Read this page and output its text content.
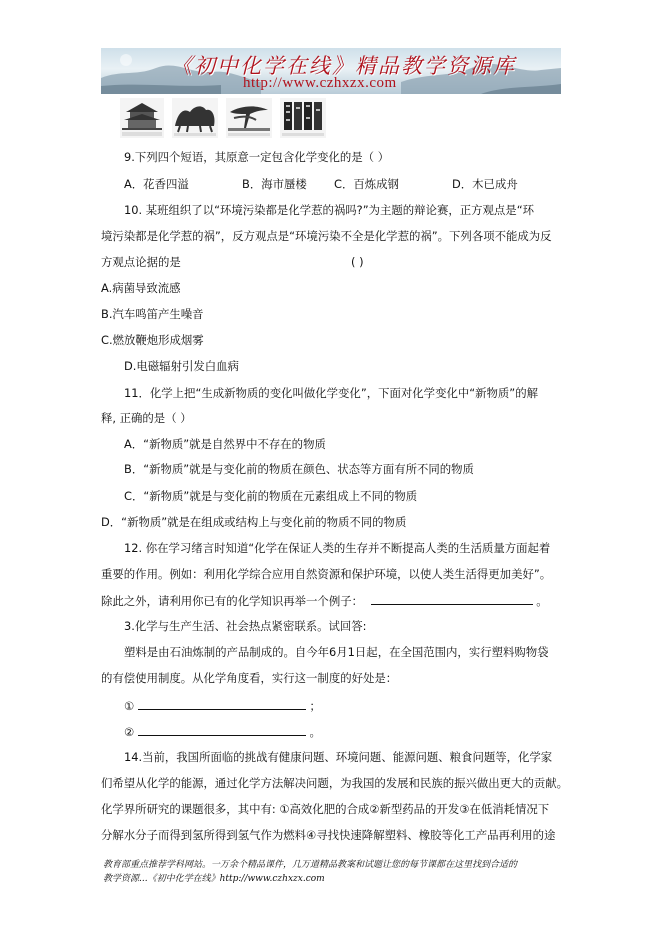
《初中化学在线》精品教学资源库
http://www.czhxzx.com
9.下列四个短语，其原意一定包含化学变化的是（ ）
A．花香四溢	B．海市蜃楼 C．百炼成钢	D．木已成舟
10. 某班组织了以“环境污染都是化学惹的祸吗?”为主题的辩论赛，正方观点是“环
境污染都是化学惹的祸”，反方观点是“环境污染不全是化学惹的祸”。下列各项不能成为反
方观点论据的是	( )
A.病菌导致流感
B.汽车鸣笛产生噪音
C.燃放鞭炮形成烟雾
D.电磁辐射引发白血病
11．化学上把“生成新物质的变化叫做化学变化”，下面对化学变化中“新物质”的解
释, 正确的是（ ）
A．“新物质”就是自然界中不存在的物质
B．“新物质”就是与变化前的物质在颜色、状态等方面有所不同的物质
C．“新物质”就是与变化前的物质在元素组成上不同的物质
D．“新物质”就是在组成或结构上与变化前的物质不同的物质
12. 你在学习绪言时知道“化学在保证人类的生存并不断提高人类的生活质量方面起着
重要的作用。例如：利用化学综合应用自然资源和保护环境，以使人类生活得更加美好”。
除此之外，请利用你已有的化学知识再举一个例子：	。
3.化学与生产生活、社会热点紧密联系。试回答:
塑料是由石油炼制的产品制成的。自今年6月1日起，在全国范围内，实行塑料购物袋
的有偿使用制度。从化学角度看，实行这一制度的好处是：
①	；
②	。
14.当前，我国所面临的挑战有健康问题、环境问题、能源问题、粮食问题等，化学家
们希望从化学的能源，通过化学方法解决问题，为我国的发展和民族的振兴做出更大的贡献。
化学界所研究的课题很多，其中有: ①高效化肥的合成②新型药品的开发③在低消耗情况下
分解水分子而得到氢所得到氢气作为燃料④寻找快速降解塑料、橡胶等化工产品再利用的途
教育部重点推荐学科网站。一万余个精品课件，几万道精品教案和试题让您的每节课都在这里找到合适的
教学资源...《初中化学在线》http://www.czhxzx.com
